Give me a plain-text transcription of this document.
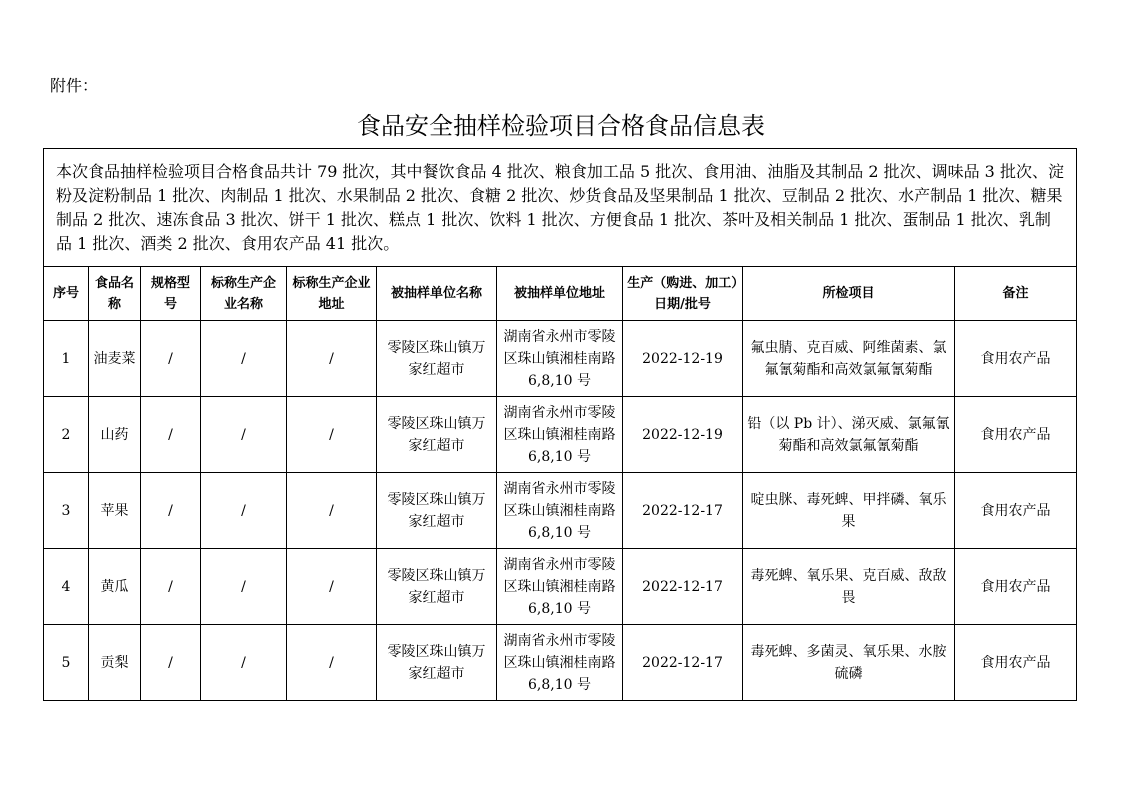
附件：
食品安全抽样检验项目合格食品信息表
本次食品抽样检验项目合格食品共计 79 批次，其中餐饮食品 4 批次、粮食加工品 5 批次、食用油、油脂及其制品 2 批次、调味品 3 批次、淀粉及淀粉制品 1 批次、肉制品 1 批次、水果制品 2 批次、食糖 2 批次、炒货食品及坚果制品 1 批次、豆制品 2 批次、水产制品 1 批次、糖果制品 2 批次、速冻食品 3 批次、饼干 1 批次、糕点 1 批次、饮料 1 批次、方便食品 1 批次、茶叶及相关制品 1 批次、蛋制品 1 批次、乳制品 1 批次、酒类 2 批次、食用农产品 41 批次。									
序号	食品名称	规格型号	标称生产企业名称	标称生产企业地址	被抽样单位名称	被抽样单位地址	生产（购进、加工）日期/批号	所检项目	备注
1	油麦菜	/	/	/	零陵区珠山镇万家红超市	湖南省永州市零陵区珠山镇湘桂南路 6,8,10 号	2022-12-19	氟虫腈、克百威、阿维菌素、氯氟氰菊酯和高效氯氟氰菊酯	食用农产品
2	山药	/	/	/	零陵区珠山镇万家红超市	湖南省永州市零陵区珠山镇湘桂南路 6,8,10 号	2022-12-19	铅（以 Pb 计）、涕灭威、氯氟氰菊酯和高效氯氟氰菊酯	食用农产品
3	苹果	/	/	/	零陵区珠山镇万家红超市	湖南省永州市零陵区珠山镇湘桂南路 6,8,10 号	2022-12-17	啶虫脒、毒死蜱、甲拌磷、氧乐果	食用农产品
4	黄瓜	/	/	/	零陵区珠山镇万家红超市	湖南省永州市零陵区珠山镇湘桂南路 6,8,10 号	2022-12-17	毒死蜱、氧乐果、克百威、敌敌畏	食用农产品
5	贡梨	/	/	/	零陵区珠山镇万家红超市	湖南省永州市零陵区珠山镇湘桂南路 6,8,10 号	2022-12-17	毒死蜱、多菌灵、氧乐果、水胺硫磷	食用农产品
